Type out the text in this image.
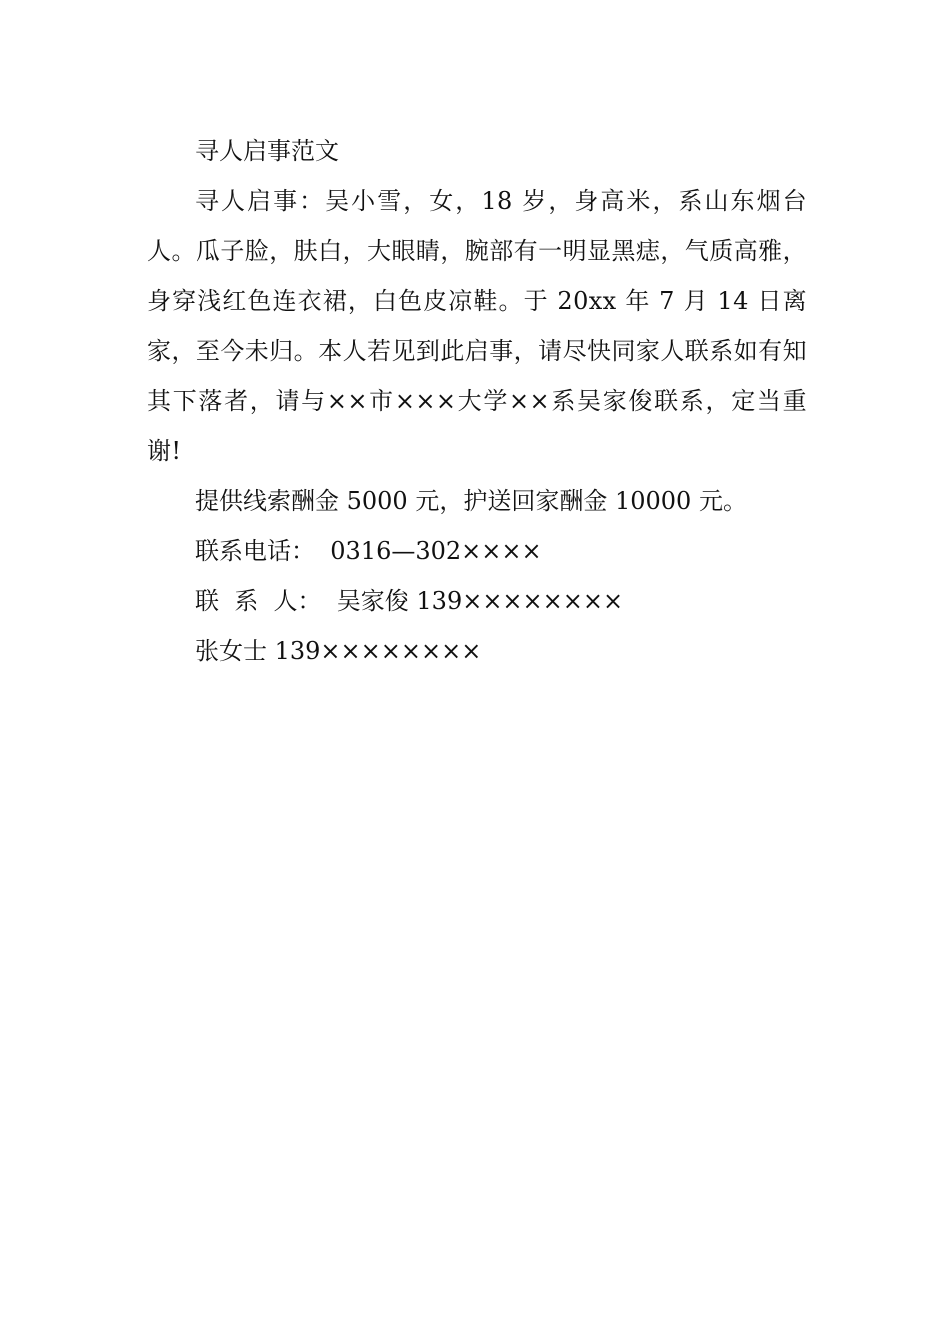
寻人启事范文

寻人启事：吴小雪，女，18 岁，身高米，系山东烟台人。瓜子脸，肤白，大眼睛，腕部有一明显黑痣，气质高雅，身穿浅红色连衣裙，白色皮凉鞋。于 20xx 年 7 月 14 日离家，至今未归。本人若见到此启事，请尽快同家人联系如有知其下落者，请与××市×××大学××系吴家俊联系，定当重谢!

提供线索酬金 5000 元，护送回家酬金 10000 元。

联系电话：  0316—302××××

联  系  人：  吴家俊 139××××××××

张女士 139××××××××
